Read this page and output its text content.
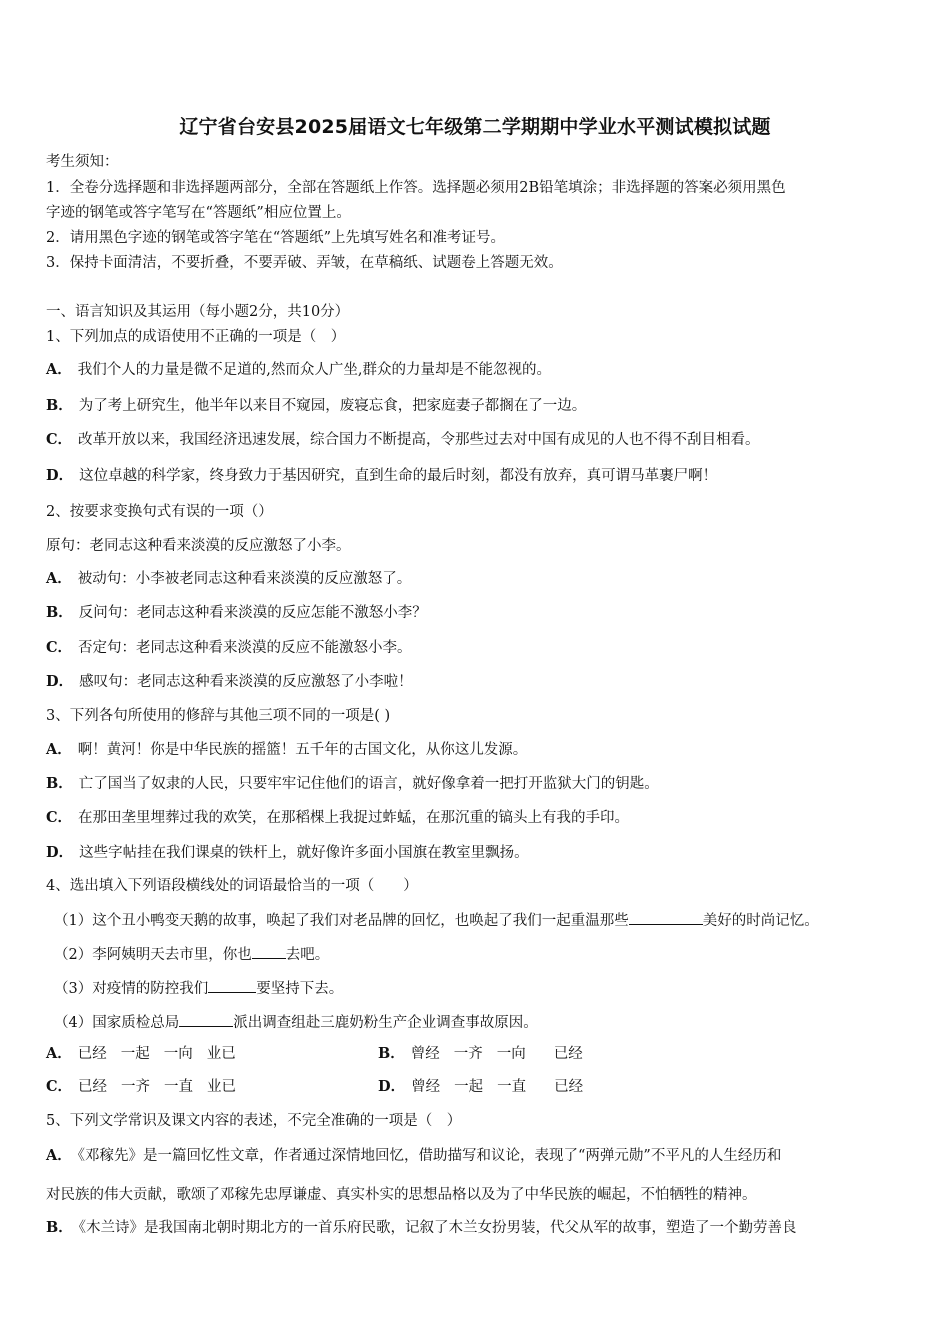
辽宁省台安县2025届语文七年级第二学期期中学业水平测试模拟试题
考生须知：
1．全卷分选择题和非选择题两部分，全部在答题纸上作答。选择题必须用2B铅笔填涂；非选择题的答案必须用黑色
字迹的钢笔或答字笔写在“答题纸”相应位置上。
2．请用黑色字迹的钢笔或答字笔在“答题纸”上先填写姓名和准考证号。
3．保持卡面清洁，不要折叠，不要弄破、弄皱，在草稿纸、试题卷上答题无效。
一、语言知识及其运用（每小题2分，共10分）
1、下列加点的成语使用不正确的一项是（　）
A． 我们个人的力量是微不足道的,然而众人广坐,群众的力量却是不能忽视的。
B． 为了考上研究生，他半年以来目不窥园，废寝忘食，把家庭妻子都搁在了一边。
C． 改革开放以来，我国经济迅速发展，综合国力不断提高，令那些过去对中国有成见的人也不得不刮目相看。
D． 这位卓越的科学家，终身致力于基因研究，直到生命的最后时刻，都没有放弃，真可谓马革裹尸啊！
2、按要求变换句式有误的一项（）
原句：老同志这种看来淡漠的反应激怒了小李。
A． 被动句：小李被老同志这种看来淡漠的反应激怒了。
B． 反问句：老同志这种看来淡漠的反应怎能不激怒小李？
C． 否定句：老同志这种看来淡漠的反应不能激怒小李。
D． 感叹句：老同志这种看来淡漠的反应激怒了小李啦！
3、下列各句所使用的修辞与其他三项不同的一项是( )
A． 啊！黄河！你是中华民族的摇篮！五千年的古国文化，从你这儿发源。
B． 亡了国当了奴隶的人民，只要牢牢记住他们的语言，就好像拿着一把打开监狱大门的钥匙。
C． 在那田垄里埋葬过我的欢笑，在那稻棵上我捉过蚱蜢，在那沉重的镐头上有我的手印。
D． 这些字帖挂在我们课桌的铁杆上，就好像许多面小国旗在教室里飘扬。
4、选出填入下列语段横线处的词语最恰当的一项（　　）
（1）这个丑小鸭变天鹅的故事，唤起了我们对老品牌的回忆，也唤起了我们一起重温那些	美好的时尚记忆。
（2）李阿姨明天去市里，你也 去吧。
（3）对疫情的防控我们	要坚持下去。
（4）国家质检总局	派出调查组赴三鹿奶粉生产企业调查事故原因。
A． 已经 一起 一向 业已	B． 曾经 一齐 一向 已经
C． 已经 一齐 一直 业已	D． 曾经 一起 一直 已经
5、下列文学常识及课文内容的表述，不完全准确的一项是（　）
A． 《邓稼先》是一篇回忆性文章，作者通过深情地回忆，借助描写和议论，表现了“两弹元勋”不平凡的人生经历和
对民族的伟大贡献，歌颂了邓稼先忠厚谦虚、真实朴实的思想品格以及为了中华民族的崛起，不怕牺牲的精神。
B． 《木兰诗》是我国南北朝时期北方的一首乐府民歌，记叙了木兰女扮男装，代父从军的故事，塑造了一个勤劳善良
